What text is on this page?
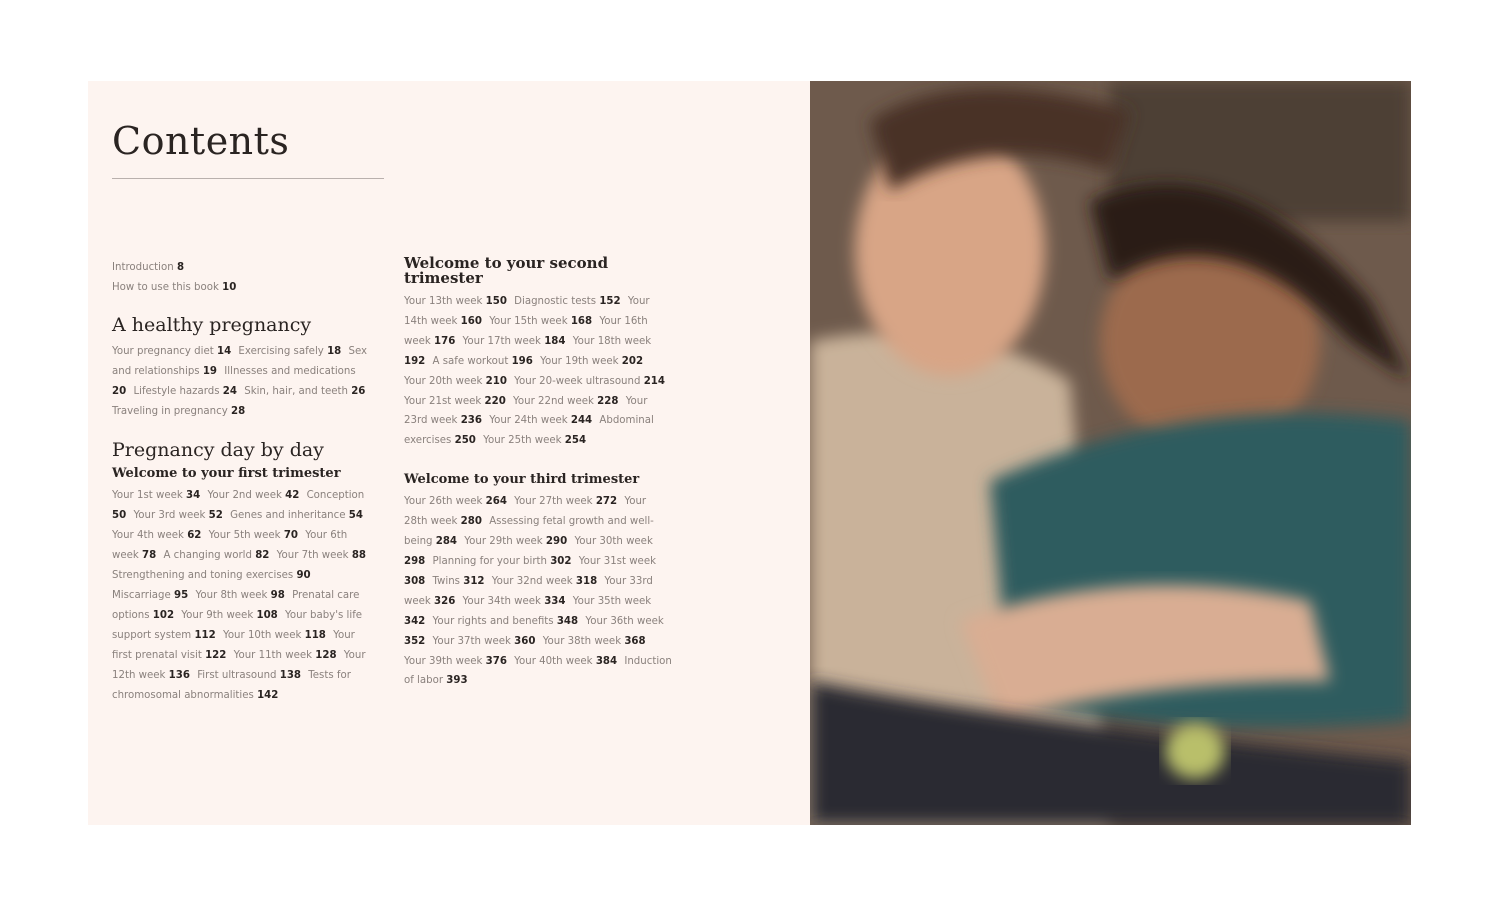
Contents
Introduction 8
How to use this book 10
A healthy pregnancy
Your pregnancy diet 14 Exercising safely 18 Sex and relationships 19 Illnesses and medications 20 Lifestyle hazards 24 Skin, hair, and teeth 26 Traveling in pregnancy 28
Pregnancy day by day
Welcome to your first trimester
Your 1st week 34 Your 2nd week 42 Conception 50 Your 3rd week 52 Genes and inheritance 54 Your 4th week 62 Your 5th week 70 Your 6th week 78 A changing world 82 Your 7th week 88 Strengthening and toning exercises 90 Miscarriage 95 Your 8th week 98 Prenatal care options 102 Your 9th week 108 Your baby's life support system 112 Your 10th week 118 Your first prenatal visit 122 Your 11th week 128 Your 12th week 136 First ultrasound 138 Tests for chromosomal abnormalities 142
Welcome to your second trimester
Your 13th week 150 Diagnostic tests 152 Your 14th week 160 Your 15th week 168 Your 16th week 176 Your 17th week 184 Your 18th week 192 A safe workout 196 Your 19th week 202 Your 20th week 210 Your 20-week ultrasound 214 Your 21st week 220 Your 22nd week 228 Your 23rd week 236 Your 24th week 244 Abdominal exercises 250 Your 25th week 254
Welcome to your third trimester
Your 26th week 264 Your 27th week 272 Your 28th week 280 Assessing fetal growth and well-being 284 Your 29th week 290 Your 30th week 298 Planning for your birth 302 Your 31st week 308 Twins 312 Your 32nd week 318 Your 33rd week 326 Your 34th week 334 Your 35th week 342 Your rights and benefits 348 Your 36th week 352 Your 37th week 360 Your 38th week 368 Your 39th week 376 Your 40th week 384 Induction of labor 393
